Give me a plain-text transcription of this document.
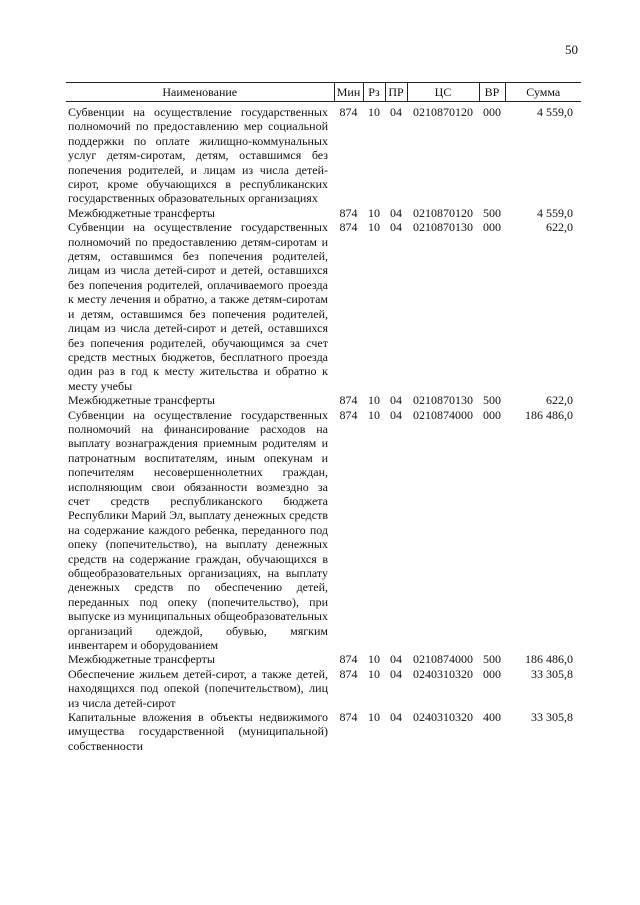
50
Наименование	Мин	Рз	ПР	ЦС	ВР	Сумма
Субвенции на осуществление государственных полномочий по предоставлению мер социальной поддержки по оплате жилищно-коммунальных услуг детям-сиротам, детям, оставшимся без попечения родителей, и лицам из числа детей-сирот, кроме обучающихся в республиканских государственных образовательных организациях	874	10	04	0210870120	000	4 559,0
Межбюджетные трансферты	874	10	04	0210870120	500	4 559,0
Субвенции на осуществление государственных полномочий по предоставлению детям-сиротам и детям, оставшимся без попечения родителей, лицам из числа детей-сирот и детей, оставшихся без попечения родителей, оплачиваемого проезда к месту лечения и обратно, а также детям-сиротам и детям, оставшимся без попечения родителей, лицам из числа детей-сирот и детей, оставшихся без попечения родителей, обучающимся за счет средств местных бюджетов, бесплатного проезда один раз в год к месту жительства и обратно к месту учебы	874	10	04	0210870130	000	622,0
Межбюджетные трансферты	874	10	04	0210870130	500	622,0
Субвенции на осуществление государственных полномочий на финансирование расходов на выплату вознаграждения приемным родителям и патронатным воспитателям, иным опекунам и попечителям несовершеннолетних граждан, исполняющим свои обязанности возмездно за счет средств республиканского бюджета Республики Марий Эл, выплату денежных средств на содержание каждого ребенка, переданного под опеку (попечительство), на выплату денежных средств на содержание граждан, обучающихся в общеобразовательных организациях, на выплату денежных средств по обеспечению детей, переданных под опеку (попечительство), при выпуске из муниципальных общеобразовательных организаций одеждой, обувью, мягким инвентарем и оборудованием	874	10	04	0210874000	000	186 486,0
Межбюджетные трансферты	874	10	04	0210874000	500	186 486,0
Обеспечение жильем детей-сирот, а также детей, находящихся под опекой (попечительством), лиц из числа детей-сирот	874	10	04	0240310320	000	33 305,8
Капитальные вложения в объекты недвижимого имущества государственной (муниципальной) собственности	874	10	04	0240310320	400	33 305,8
